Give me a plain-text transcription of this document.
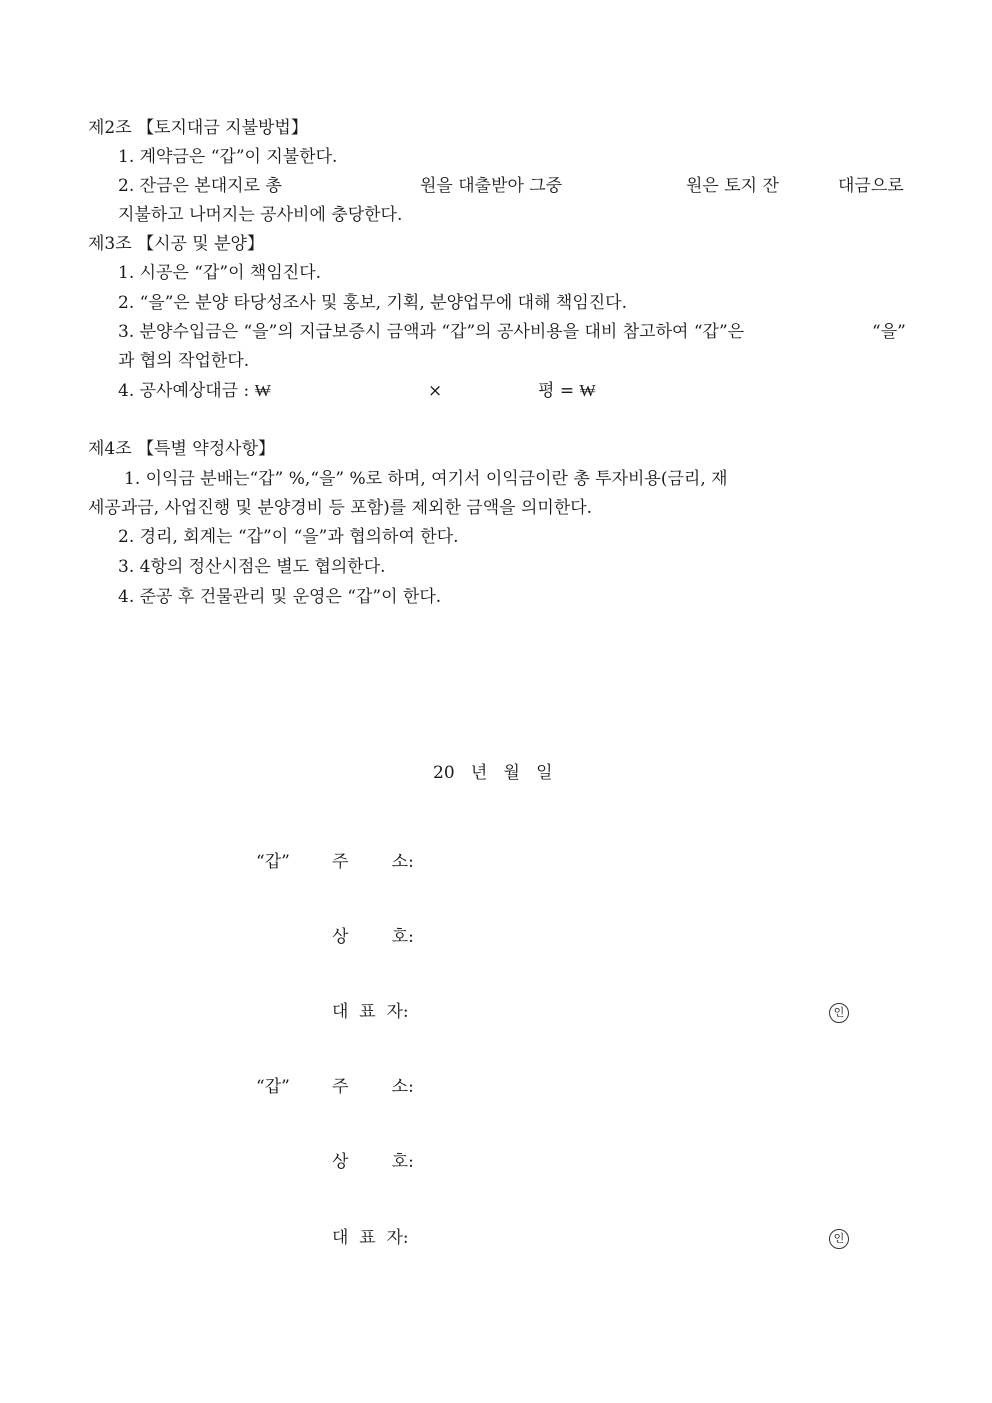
제2조 【토지대금 지불방법】
1. 계약금은 “갑”이 지불한다.
2. 잔금은 본대지로 총	원을 대출받아 그중	원은 토지 잔	대금으로
지불하고 나머지는 공사비에 충당한다.
제3조 【시공 및 분양】
1. 시공은 “갑”이 책임진다.
2. “을”은 분양 타당성조사 및 홍보, 기획, 분양업무에 대해 책임진다.
3. 분양수입금은 “을”의 지급보증시 금액과 “갑”의 공사비용을 대비 참고하여 “갑”은	“을”
과 협의 작업한다.
4. 공사예상대금 : ₩	×	평 = ₩
제4조 【특별 약정사항】
1. 이익금 분배는“갑” %,“을” %로 하며, 여기서 이익금이란 총 투자비용(금리, 재
세공과금, 사업진행 및 분양경비 등 포함)를 제외한 금액을 의미한다.
2. 경리, 회계는 “갑”이 “을”과 협의하여 한다.
3. 4항의 정산시점은 별도 협의한다.
4. 준공 후 건물관리 및 운영은 “갑”이 한다.
20   년   월   일
“갑” 주        소:
상        호:
대  표  자:	인
“갑” 주        소:
상        호:
대  표  자:	인
